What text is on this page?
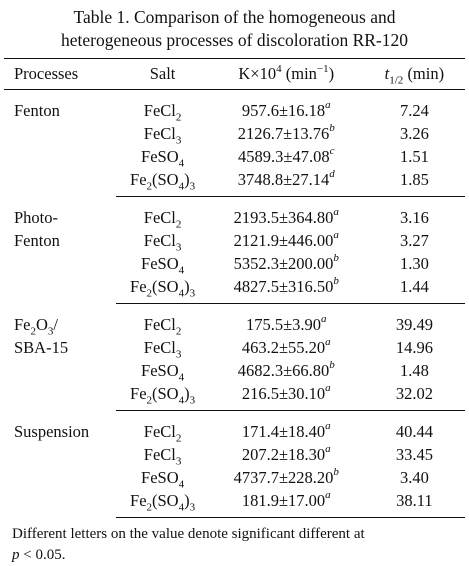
Table 1. Comparison of the homogeneous and
heterogeneous processes of discoloration RR-120
Processes	Salt	$K\times 10^4$ $(\min^{-1})$	$t_{1/2}$ (min)

Fenton	FeCl$_2$	957.6±16.18$^a$	7.24
	FeCl$_3$	2126.7±13.76$^b$	3.26
	FeSO$_4$	4589.3±47.08$^c$	1.51
	$Fe_2(SO_4)_3$	3748.8±27.14$^d$	1.85

Photo-
Fenton	FeCl$_2$	2193.5±364.80$^a$	3.16
	FeCl$_3$	2121.9±446.00$^a$	3.27
	FeSO$_4$	5352.3±200.00$^b$	1.30
	$Fe_2(SO_4)_3$	4827.5±316.50$^b$	1.44

$Fe_2O_3/$
SBA-15	FeCl$_2$	175.5±3.90$^a$	39.49
	FeCl$_3$	463.2±55.20$^a$	14.96
	FeSO$_4$	4682.3±66.80$^b$	1.48
	$Fe_2(SO_4)_3$	216.5±30.10$^a$	32.02

Suspension	FeCl$_2$	171.4±18.40$^a$	40.44
	FeCl$_3$	207.2±18.30$^a$	33.45
	FeSO$_4$	4737.7±228.20$^b$	3.40
	$Fe_2(SO_4)_3$	181.9±17.00$^a$	38.11
Different letters on the value denote significant different at
p < 0.05.
